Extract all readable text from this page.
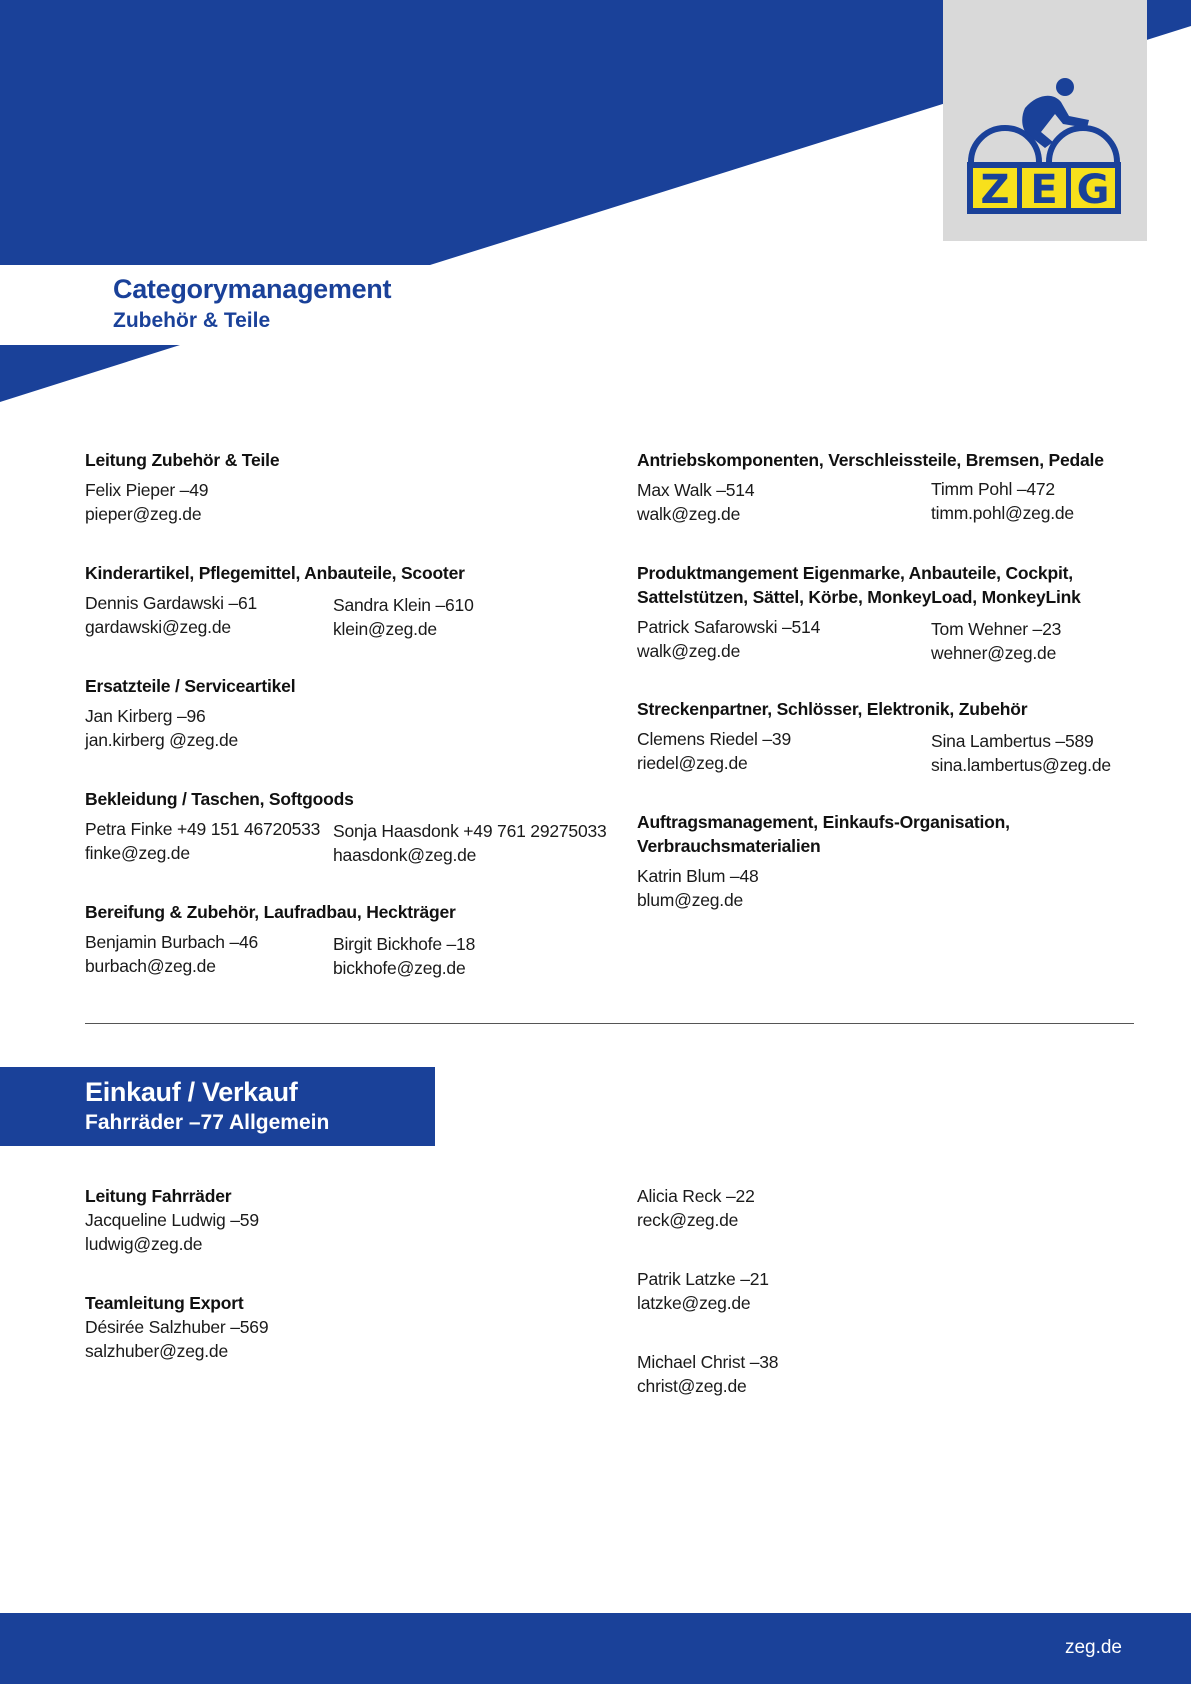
Z E G
Categorymanagement
Zubehör & Teile
Leitung Zubehör & Teile
Felix Pieper –49
pieper@zeg.de
Kinderartikel, Pflegemittel, Anbauteile, Scooter
Dennis Gardawski –61
gardawski@zeg.de
Sandra Klein –610
klein@zeg.de
Ersatzteile / Serviceartikel
Jan Kirberg –96
jan.kirberg @zeg.de
Bekleidung / Taschen, Softgoods
Petra Finke +49 151 46720533
finke@zeg.de
Sonja Haasdonk +49 761 29275033
haasdonk@zeg.de
Bereifung & Zubehör, Laufradbau, Heckträger
Benjamin Burbach –46
burbach@zeg.de
Birgit Bickhofe –18
bickhofe@zeg.de
Antriebskomponenten, Verschleissteile, Bremsen, Pedale
Max Walk –514
walk@zeg.de
Timm Pohl –472
timm.pohl@zeg.de
Produktmangement Eigenmarke, Anbauteile, Cockpit,
Sattelstützen, Sättel, Körbe, MonkeyLoad, MonkeyLink
Patrick Safarowski –514
walk@zeg.de
Tom Wehner –23
wehner@zeg.de
Streckenpartner, Schlösser, Elektronik, Zubehör
Clemens Riedel –39
riedel@zeg.de
Sina Lambertus –589
sina.lambertus@zeg.de
Auftragsmanagement, Einkaufs-Organisation,
Verbrauchsmaterialien
Katrin Blum –48
blum@zeg.de
Einkauf / Verkauf
Fahrräder –77 Allgemein
Leitung Fahrräder
Jacqueline Ludwig –59
ludwig@zeg.de
Teamleitung Export
Désirée Salzhuber –569
salzhuber@zeg.de
Alicia Reck –22
reck@zeg.de
Patrik Latzke –21
latzke@zeg.de
Michael Christ –38
christ@zeg.de
zeg.de
